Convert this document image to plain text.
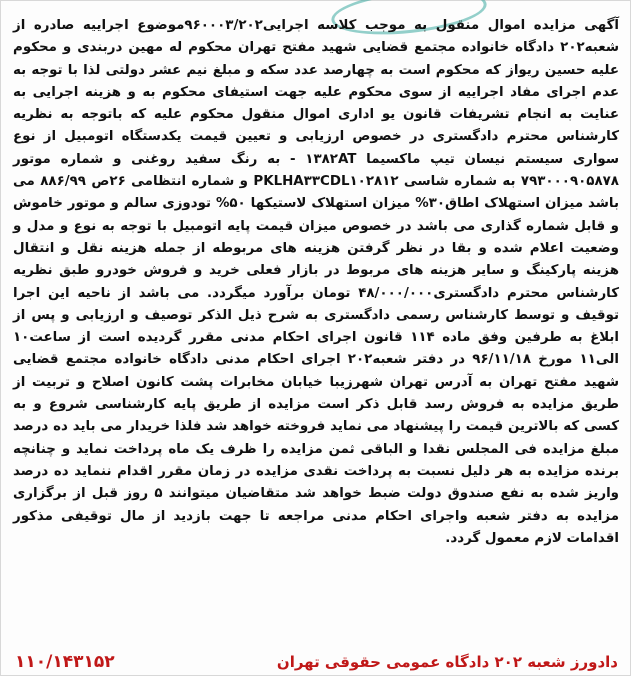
آگهی مزایده اموال منقول به موجب کلاسه اجرایی۹۶۰۰۰۳/۲۰۲موضوع اجراییه صادره از شعبه۲۰۲ دادگاه خانواده مجتمع قضایی شهید مفتح تهران محکوم له مهین دربندی و محکوم علیه حسین ریواز که محکوم است به چهارصد عدد سکه و مبلغ نیم عشر دولتی لذا با توجه به عدم اجرای مفاد اجراییه از سوی محکوم علیه جهت استیفای محکوم به و هزینه اجرایی به عنایت به انجام تشریفات قانون یو اداری اموال منقول محکوم علیه که باتوجه به نظریه کارشناس محترم دادگستری در خصوص ارزیابی و تعیین قیمت یکدستگاه اتومبیل از نوع سواری سیستم نیسان تیپ ماکسیما ۱۳۸۲AT - به رنگ سفید روغنی و شماره موتور ۷۹۳۰۰۰۹۰۵۸۷۸ به شماره شاسی PKLHA۳۳CDL۱۰۲۸۱۲ و شماره انتظامی ۲۶ص ۸۸۶/۹۹ می باشد میزان استهلاک اطاق۳۰% میزان استهلاک لاستیکها ۵۰% تودوزی سالم و موتور خاموش و قابل شماره گذاری می باشد در خصوص میزان قیمت پایه اتومبیل با توجه به نوع و مدل و وضعیت اعلام شده و بقا در نظر گرفتن هزینه های مربوطه از جمله هزینه نقل و انتقال هزینه پارکینگ و سایر هزینه های مربوط در بازار فعلی خرید و فروش خودرو طبق نظریه کارشناس محترم دادگستری۴۸/۰۰۰/۰۰۰ تومان برآورد میگردد. می باشد از ناحیه این اجرا توقیف و توسط کارشناس رسمی دادگستری به شرح ذیل الذکر توصیف و ارزیابی و پس از ابلاغ به طرفین وفق ماده ۱۱۴ قانون اجرای احکام مدنی مقرر گردیده است از ساعت۱۰ الی۱۱ مورخ ۹۶/۱۱/۱۸ در دفتر شعبه۲۰۲ اجرای احکام مدنی دادگاه خانواده مجتمع قضایی شهید مفتح تهران به آدرس تهران شهرزیبا خیابان مخابرات پشت کانون اصلاح و تربیت از طریق مزایده به فروش رسد قابل ذکر است مزایده از طریق پایه کارشناسی شروع و به کسی که بالاترین قیمت را پیشنهاد می نماید فروخته خواهد شد فلذا خریدار می باید ده درصد مبلغ مزایده فی المجلس نقدا و الباقی ثمن مزایده را ظرف یک ماه پرداخت نماید و چنانچه برنده مزایده به هر دلیل نسبت به پرداخت نقدی مزایده در زمان مقرر اقدام ننماید ده درصد واریز شده به نفع صندوق دولت ضبط خواهد شد متقاضیان میتوانند ۵ روز قبل از برگزاری مزایده به دفتر شعبه واجرای احکام مدنی مراجعه تا جهت بازدید از مال توقیفی مذکور اقدامات لازم معمول گردد.

دادورز شعبه ۲۰۲ دادگاه عمومی حقوقی تهران
۱۱۰/۱۴۳۱۵۲
